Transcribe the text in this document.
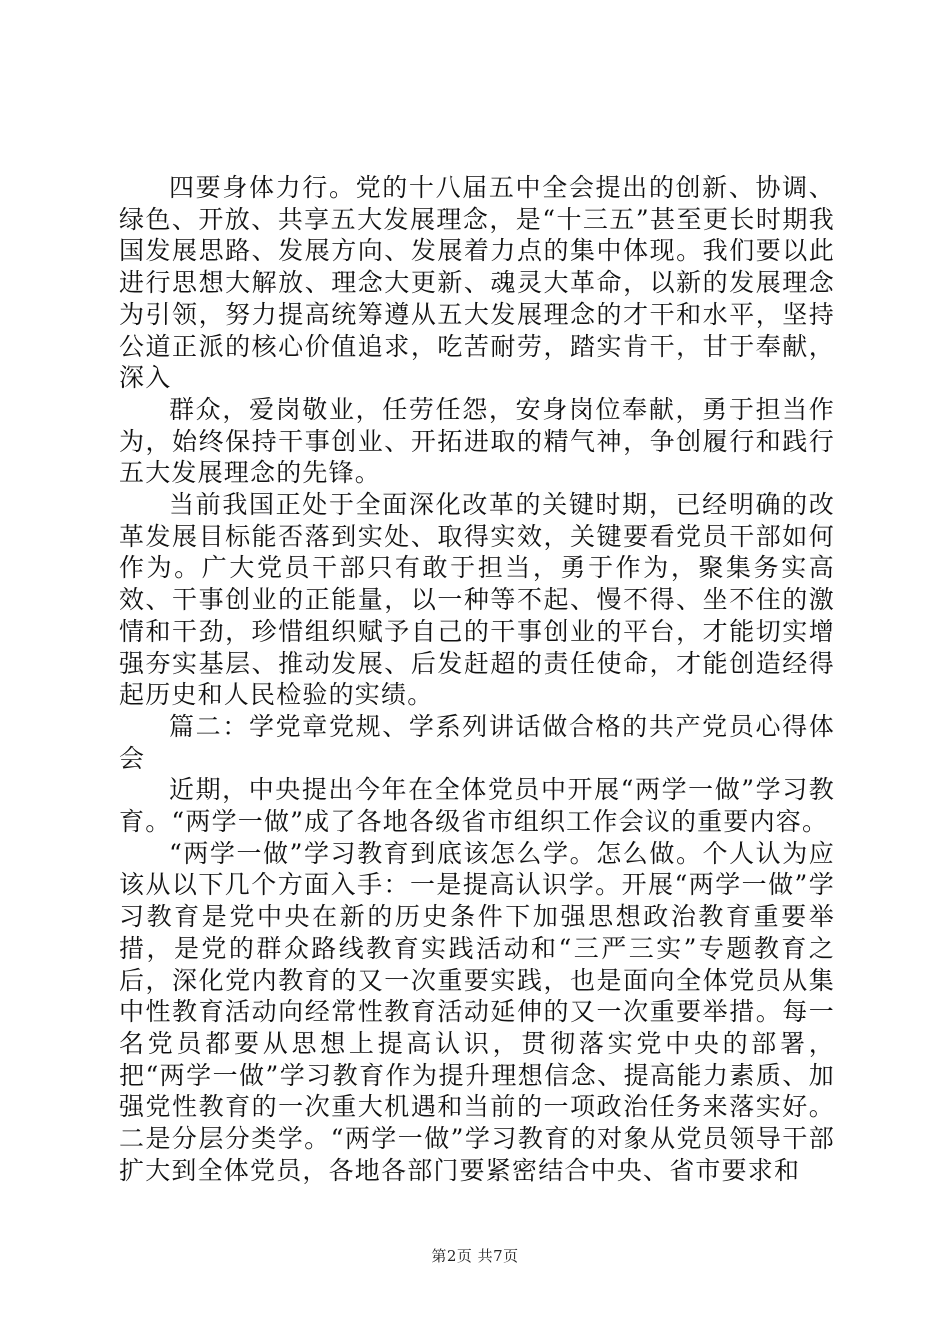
四要身体力行。党的十八届五中全会提出的创新、协调、绿色、开放、共享五大发展理念，是“十三五”甚至更长时期我国发展思路、发展方向、发展着力点的集中体现。我们要以此进行思想大解放、理念大更新、魂灵大革命，以新的发展理念为引领，努力提高统筹遵从五大发展理念的才干和水平，坚持公道正派的核心价值追求，吃苦耐劳，踏实肯干，甘于奉献，深入

群众，爱岗敬业，任劳任怨，安身岗位奉献，勇于担当作为，始终保持干事创业、开拓进取的精气神，争创履行和践行五大发展理念的先锋。

当前我国正处于全面深化改革的关键时期，已经明确的改革发展目标能否落到实处、取得实效，关键要看党员干部如何作为。广大党员干部只有敢于担当，勇于作为，聚集务实高效、干事创业的正能量，以一种等不起、慢不得、坐不住的激情和干劲，珍惜组织赋予自己的干事创业的平台，才能切实增强夯实基层、推动发展、后发赶超的责任使命，才能创造经得起历史和人民检验的实绩。

篇二：学党章党规、学系列讲话做合格的共产党员心得体会

近期，中央提出今年在全体党员中开展“两学一做”学习教育。“两学一做”成了各地各级省市组织工作会议的重要内容。

“两学一做”学习教育到底该怎么学。怎么做。个人认为应该从以下几个方面入手：一是提高认识学。开展“两学一做”学习教育是党中央在新的历史条件下加强思想政治教育重要举措，是党的群众路线教育实践活动和“三严三实”专题教育之后，深化党内教育的又一次重要实践，也是面向全体党员从集中性教育活动向经常性教育活动延伸的又一次重要举措。每一名党员都要从思想上提高认识，贯彻落实党中央的部署，把“两学一做”学习教育作为提升理想信念、提高能力素质、加强党性教育的一次重大机遇和当前的一项政治任务来落实好。二是分层分类学。“两学一做”学习教育的对象从党员领导干部扩大到全体党员，各地各部门要紧密结合中央、省市要求和

第2页 共7页
